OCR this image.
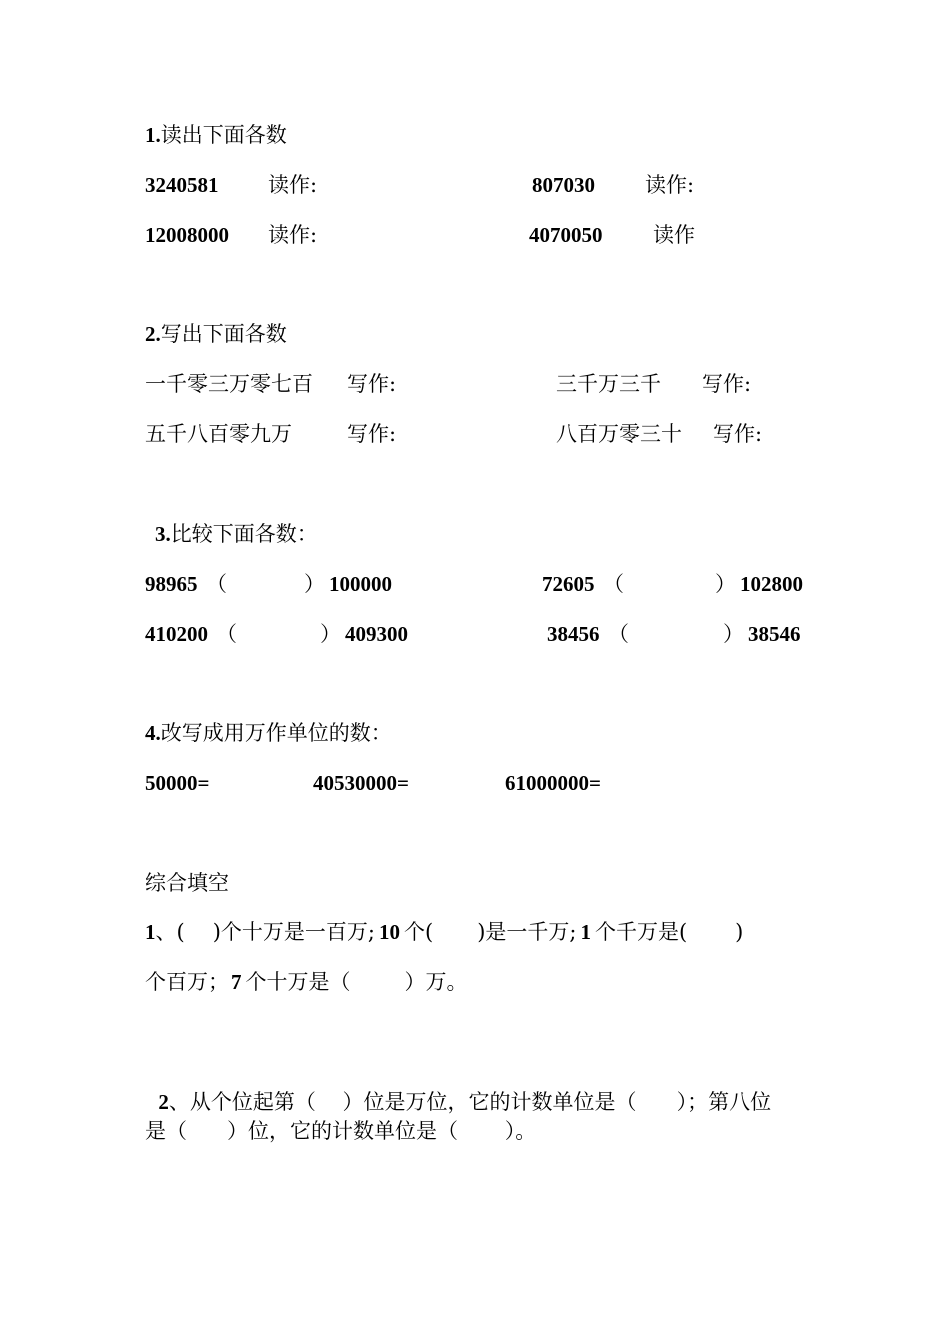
1.读出下面各数
3240581 读作:	807030 读作:
12008000 读作:	4070050 读作
2.写出下面各数
一千零三万零七百 写作:	三千万三千 写作:
五千八百零九万	写作:	八百万零三十 写作:
3.比较下面各数：
98965 （	） 100000	72605 （	） 102800
410200 （	） 409300	38456 （	） 38546
4.改写成用万作单位的数：
50000=	40530000=	61000000=
综合填空
1 、( )个十万是一百万; 10 个( )是一千万; 1 个千万是( )
个百万； 7 个十万是（	）万。

2、从个位起第（    ）位是万位，它的计数单位是（      ）；第八位

是（      ）位，它的计数单位是（       ）。
